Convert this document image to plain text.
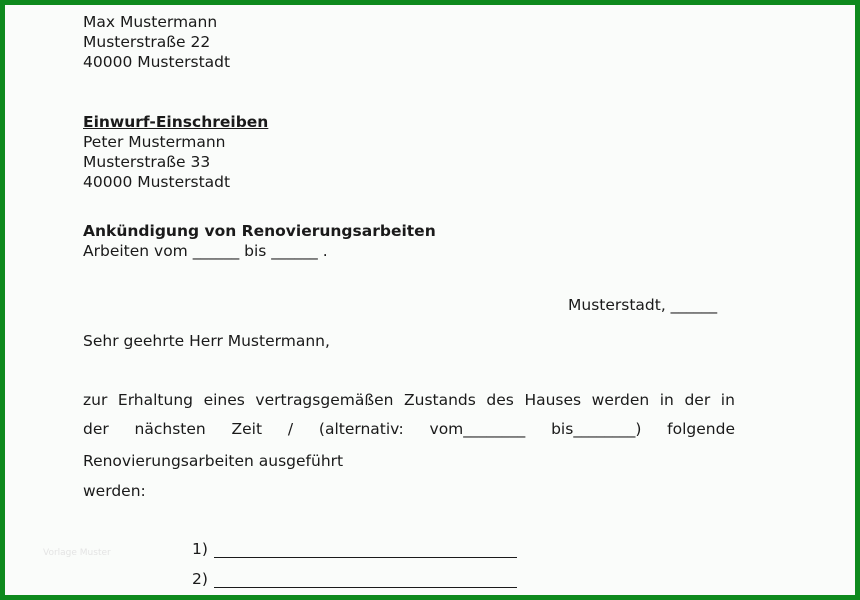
Max Mustermann
Musterstraße 22
40000 Musterstadt
Einwurf-Einschreiben
Peter Mustermann
Musterstraße 33
40000 Musterstadt
Ankündigung von Renovierungsarbeiten
Arbeiten vom ______ bis ______ .
Musterstadt, ______
Sehr geehrte Herr Mustermann,
zur Erhaltung eines vertragsgemäßen Zustands des Hauses werden in der in
der nächsten Zeit / (alternativ: vom________ bis________) folgende
Renovierungsarbeiten ausgeführt
werden:
1)
2)
Vorlage Muster
